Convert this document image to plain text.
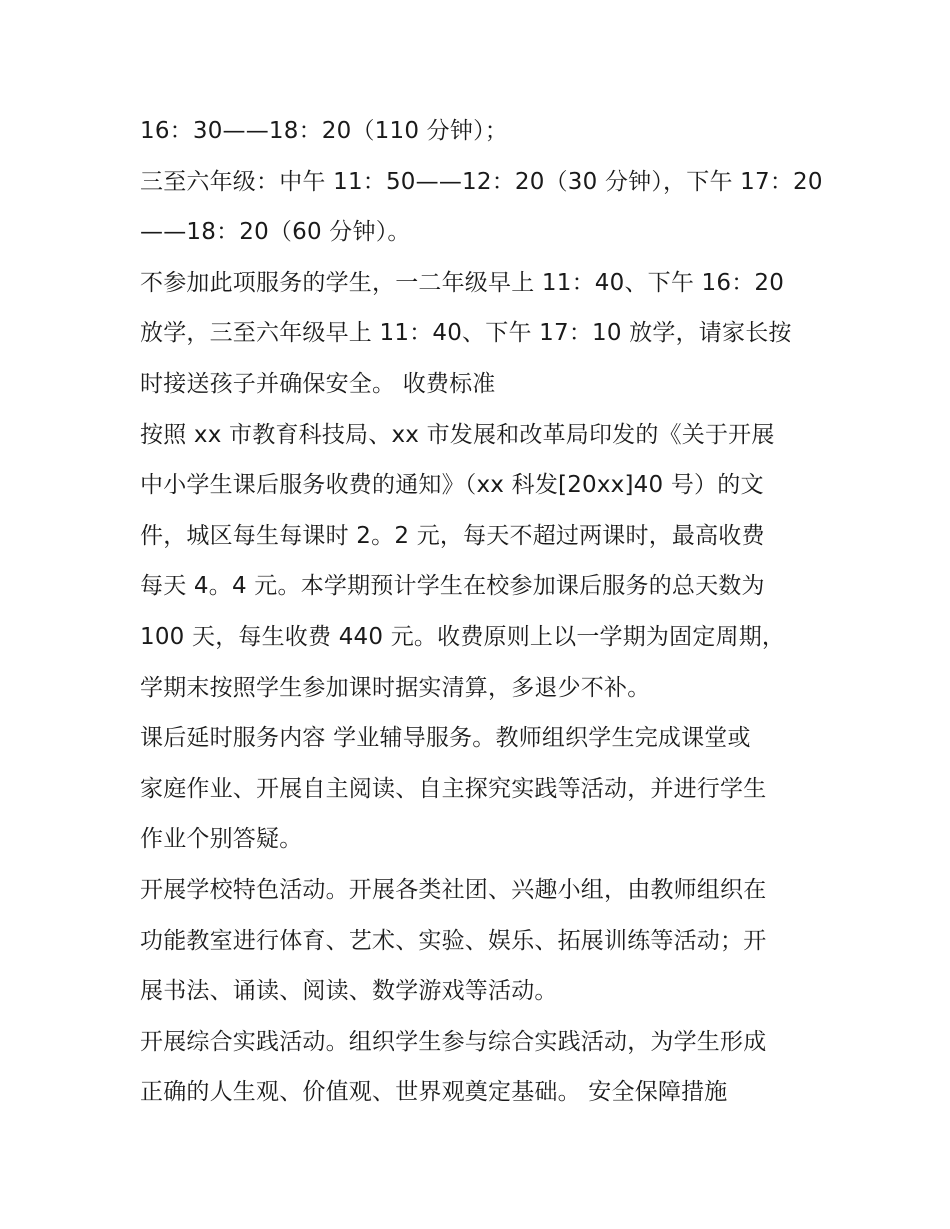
16：30——18：20（110 分钟）；
三至六年级：中午 11：50——12：20（30 分钟），下午 17：20
——18：20（60 分钟）。
不参加此项服务的学生，一二年级早上 11：40、下午 16：20
放学，三至六年级早上 11：40、下午 17：10 放学，请家长按
时接送孩子并确保安全。 收费标准
按照 xx 市教育科技局、xx 市发展和改革局印发的《关于开展
中小学生课后服务收费的通知》（xx 科发[20xx]40 号）的文
件，城区每生每课时 2。2 元，每天不超过两课时，最高收费
每天 4。4 元。本学期预计学生在校参加课后服务的总天数为
100 天，每生收费 440 元。收费原则上以一学期为固定周期，
学期末按照学生参加课时据实清算，多退少不补。
课后延时服务内容 学业辅导服务。教师组织学生完成课堂或
家庭作业、开展自主阅读、自主探究实践等活动，并进行学生
作业个别答疑。
开展学校特色活动。开展各类社团、兴趣小组，由教师组织在
功能教室进行体育、艺术、实验、娱乐、拓展训练等活动；开
展书法、诵读、阅读、数学游戏等活动。
开展综合实践活动。组织学生参与综合实践活动，为学生形成
正确的人生观、价值观、世界观奠定基础。 安全保障措施
